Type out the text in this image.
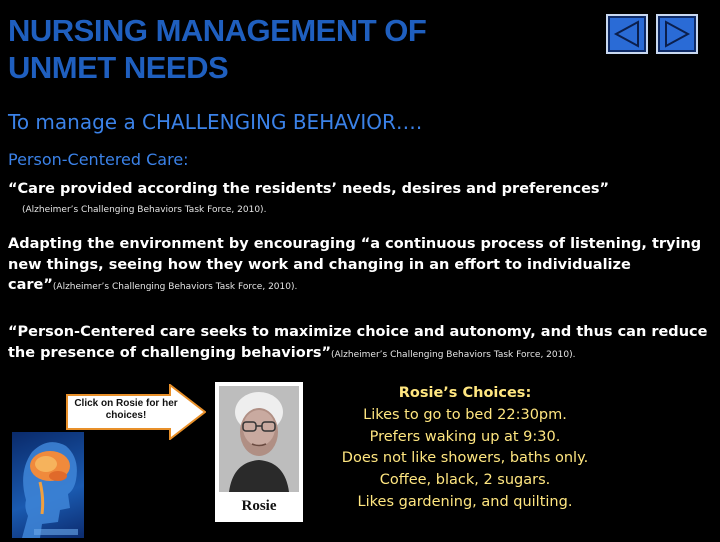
NURSING MANAGEMENT OF
UNMET NEEDS
To manage a CHALLENGING BEHAVIOR….
Person-Centered Care:
“Care provided according the residents’ needs, desires and preferences”
(Alzheimer’s Challenging Behaviors Task Force, 2010).
Adapting the environment by encouraging “a continuous process of listening, trying new things, seeing how they work and changing in an effort to individualize care”(Alzheimer’s Challenging Behaviors Task Force, 2010).
“Person-Centered care seeks to maximize choice and autonomy, and thus can reduce the presence of challenging behaviors”(Alzheimer’s Challenging Behaviors Task Force, 2010).
Click on Rosie for her choices!
Rosie
Rosie’s Choices:
Likes to go to bed 22:30pm.
Prefers waking up at 9:30.
Does not like showers, baths only.
Coffee, black, 2 sugars.
Likes gardening, and quilting.
